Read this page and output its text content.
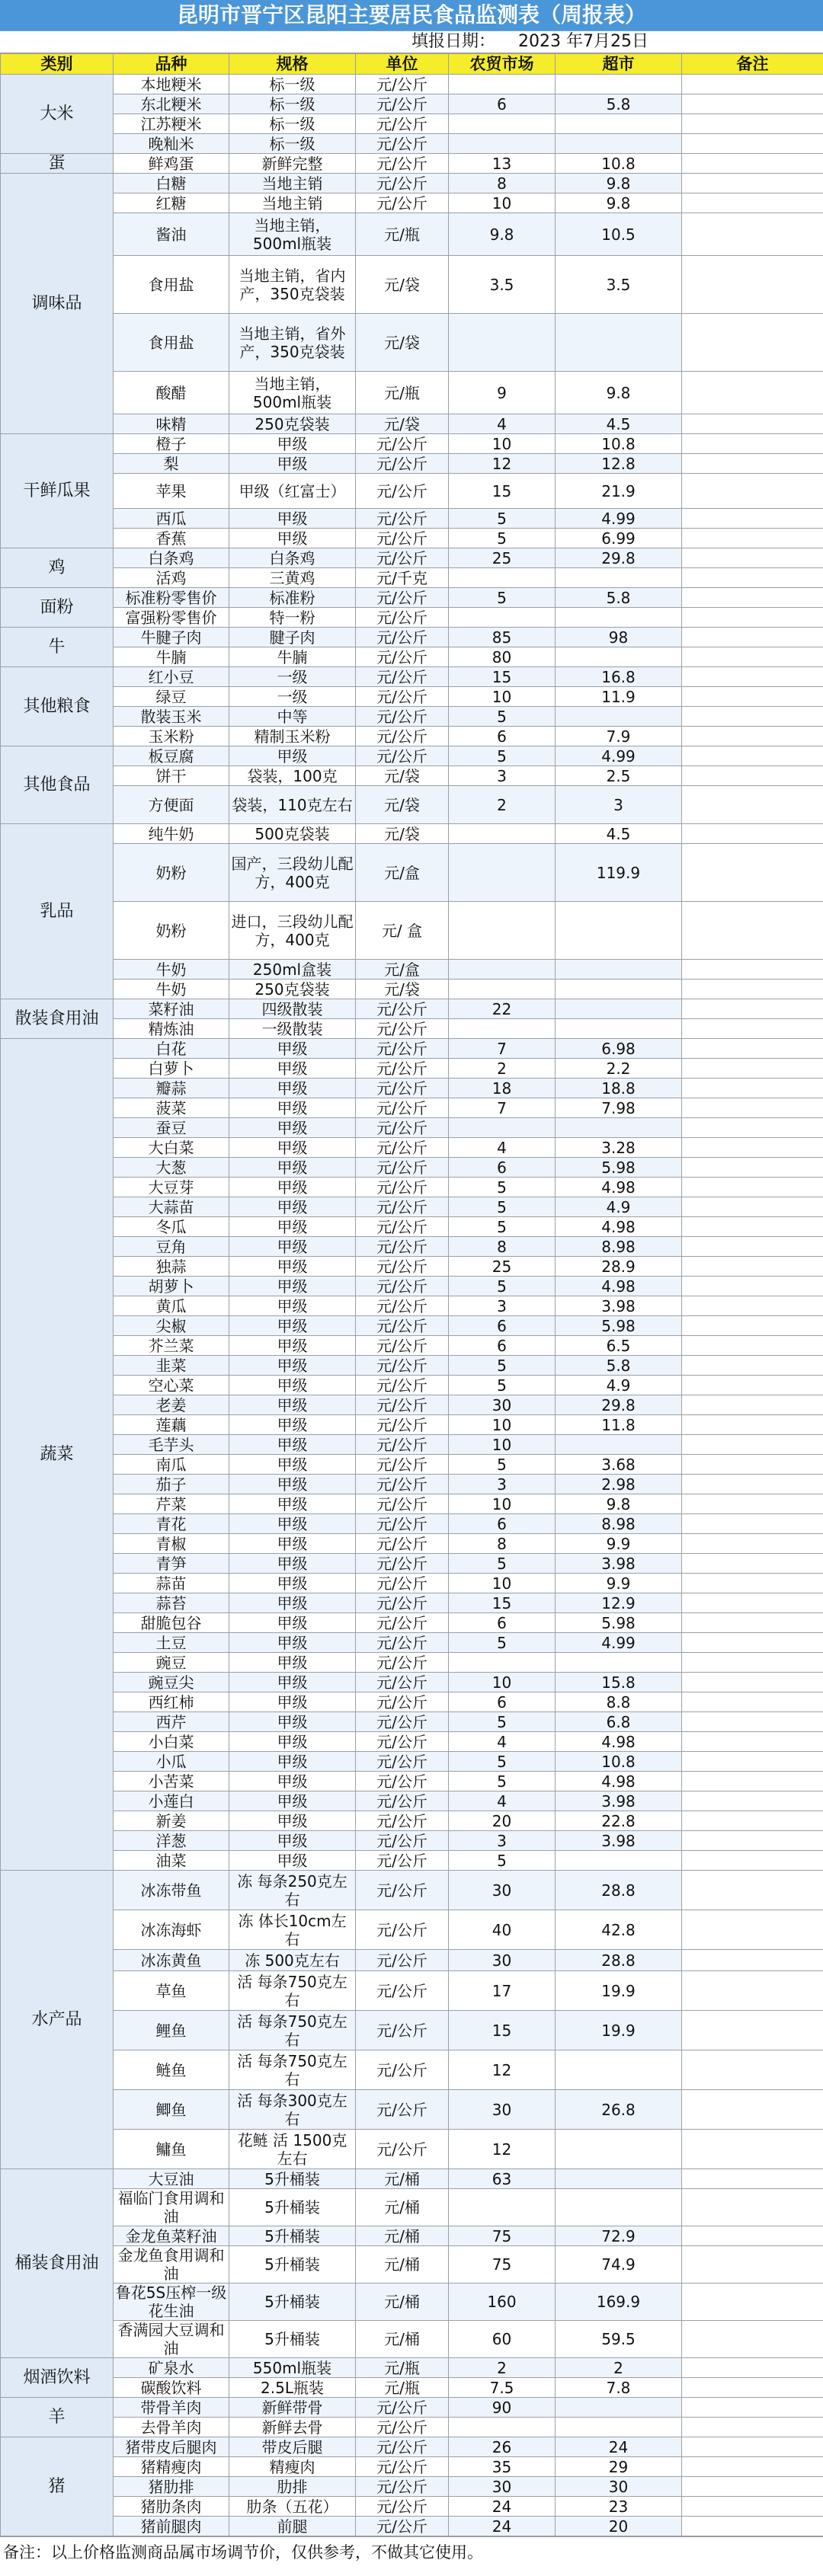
昆明市晋宁区昆阳主要居民食品监测表（周报表）
填报日期： 2023 年7月25日
类别	品种	规格	单位	农贸市场	超市	备注
大米	本地粳米	标一级	元/公斤			
	东北粳米	标一级	元/公斤	6	5.8	
	江苏粳米	标一级	元/公斤			
	晚籼米	标一级	元/公斤			
蛋	鲜鸡蛋	新鲜完整	元/公斤	13	10.8	
调味品	白糖	当地主销	元/公斤	8	9.8	
	红糖	当地主销	元/公斤	10	9.8	
	酱油	当地主销，500ml瓶装	元/瓶	9.8	10.5	
	食用盐	当地主销，省内产，350克袋装	元/袋	3.5	3.5	
	食用盐	当地主销，省外产，350克袋装	元/袋			
	酸醋	当地主销，500ml瓶装	元/瓶	9	9.8	
	味精	250克袋装	元/袋	4	4.5	
干鲜瓜果	橙子	甲级	元/公斤	10	10.8	
	梨	甲级	元/公斤	12	12.8	
	苹果	甲级（红富士）	元/公斤	15	21.9	
	西瓜	甲级	元/公斤	5	4.99	
	香蕉	甲级	元/公斤	5	6.99	
鸡	白条鸡	白条鸡	元/公斤	25	29.8	
	活鸡	三黄鸡	元/千克			
面粉	标准粉零售价	标准粉	元/公斤	5	5.8	
	富强粉零售价	特一粉	元/公斤			
牛	牛腱子肉	腱子肉	元/公斤	85	98	
	牛腩	牛腩	元/公斤	80		
其他粮食	红小豆	一级	元/公斤	15	16.8	
	绿豆	一级	元/公斤	10	11.9	
	散装玉米	中等	元/公斤	5		
	玉米粉	精制玉米粉	元/公斤	6	7.9	
其他食品	板豆腐	甲级	元/公斤	5	4.99	
	饼干	袋装，100克	元/袋	3	2.5	
	方便面	袋装，110克左右	元/袋	2	3	
乳品	纯牛奶	500克袋装	元/袋		4.5	
	奶粉	国产，三段幼儿配方，400克	元/盒		119.9	
	奶粉	进口，三段幼儿配方，400克	元/ 盒			
	牛奶	250ml盒装	元/盒			
	牛奶	250克袋装	元/袋			
散装食用油	菜籽油	四级散装	元/公斤	22		
	精炼油	一级散装	元/公斤			
蔬菜	白花	甲级	元/公斤	7	6.98	
	白萝卜	甲级	元/公斤	2	2.2	
	瓣蒜	甲级	元/公斤	18	18.8	
	菠菜	甲级	元/公斤	7	7.98	
	蚕豆	甲级	元/公斤			
	大白菜	甲级	元/公斤	4	3.28	
	大葱	甲级	元/公斤	6	5.98	
	大豆芽	甲级	元/公斤	5	4.98	
	大蒜苗	甲级	元/公斤	5	4.9	
	冬瓜	甲级	元/公斤	5	4.98	
	豆角	甲级	元/公斤	8	8.98	
	独蒜	甲级	元/公斤	25	28.9	
	胡萝卜	甲级	元/公斤	5	4.98	
	黄瓜	甲级	元/公斤	3	3.98	
	尖椒	甲级	元/公斤	6	5.98	
	芥兰菜	甲级	元/公斤	6	6.5	
	韭菜	甲级	元/公斤	5	5.8	
	空心菜	甲级	元/公斤	5	4.9	
	老姜	甲级	元/公斤	30	29.8	
	莲藕	甲级	元/公斤	10	11.8	
	毛芋头	甲级	元/公斤	10		
	南瓜	甲级	元/公斤	5	3.68	
	茄子	甲级	元/公斤	3	2.98	
	芹菜	甲级	元/公斤	10	9.8	
	青花	甲级	元/公斤	6	8.98	
	青椒	甲级	元/公斤	8	9.9	
	青笋	甲级	元/公斤	5	3.98	
	蒜苗	甲级	元/公斤	10	9.9	
	蒜苔	甲级	元/公斤	15	12.9	
	甜脆包谷	甲级	元/公斤	6	5.98	
	土豆	甲级	元/公斤	5	4.99	
	豌豆	甲级	元/公斤			
	豌豆尖	甲级	元/公斤	10	15.8	
	西红柿	甲级	元/公斤	6	8.8	
	西芹	甲级	元/公斤	5	6.8	
	小白菜	甲级	元/公斤	4	4.98	
	小瓜	甲级	元/公斤	5	10.8	
	小苦菜	甲级	元/公斤	5	4.98	
	小莲白	甲级	元/公斤	4	3.98	
	新姜	甲级	元/公斤	20	22.8	
	洋葱	甲级	元/公斤	3	3.98	
	油菜	甲级	元/公斤	5		
水产品	冰冻带鱼	冻 每条250克左右	元/公斤	30	28.8	
	冰冻海虾	冻 体长10cm左右	元/公斤	40	42.8	
	冰冻黄鱼	冻 500克左右	元/公斤	30	28.8	
	草鱼	活 每条750克左右	元/公斤	17	19.9	
	鲤鱼	活 每条750克左右	元/公斤	15	19.9	
	鲢鱼	活 每条750克左右	元/公斤	12		
	鲫鱼	活 每条300克左右	元/公斤	30	26.8	
	鳙鱼	花鲢 活 1500克左右	元/公斤	12		
桶装食用油	大豆油	5升桶装	元/桶	63		
	福临门食用调和油	5升桶装	元/桶			
	金龙鱼菜籽油	5升桶装	元/桶	75	72.9	
	金龙鱼食用调和油	5升桶装	元/桶	75	74.9	
	鲁花5S压榨一级花生油	5升桶装	元/桶	160	169.9	
	香满园大豆调和油	5升桶装	元/桶	60	59.5	
烟酒饮料	矿泉水	550ml瓶装	元/瓶	2	2	
	碳酸饮料	2.5L瓶装	元/瓶	7.5	7.8	
羊	带骨羊肉	新鲜带骨	元/公斤	90		
	去骨羊肉	新鲜去骨	元/公斤			
猪	猪带皮后腿肉	带皮后腿	元/公斤	26	24	
	猪精瘦肉	精瘦肉	元/公斤	35	29	
	猪肋排	肋排	元/公斤	30	30	
	猪肋条肉	肋条（五花）	元/公斤	24	23	
	猪前腿肉	前腿	元/公斤	24	20	
备注：以上价格监测商品属市场调节价，仅供参考，不做其它使用。
